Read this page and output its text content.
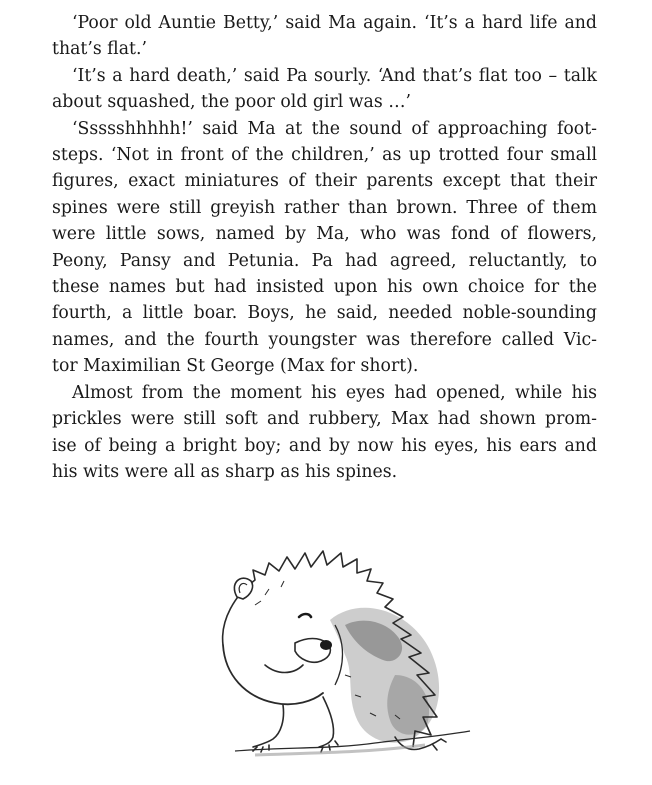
‘Poor old Auntie Betty,’ said Ma again. ‘It’s a hard life and
that’s flat.’
‘It’s a hard death,’ said Pa sourly. ‘And that’s flat too – talk
about squashed, the poor old girl was …’
‘Ssssshhhhh!’ said Ma at the sound of approaching foot-
steps. ‘Not in front of the children,’ as up trotted four small
figures, exact miniatures of their parents except that their
spines were still greyish rather than brown. Three of them
were little sows, named by Ma, who was fond of flowers,
Peony, Pansy and Petunia. Pa had agreed, reluctantly, to
these names but had insisted upon his own choice for the
fourth, a little boar. Boys, he said, needed noble-sounding
names, and the fourth youngster was therefore called Vic-
tor Maximilian St George (Max for short).
Almost from the moment his eyes had opened, while his
prickles were still soft and rubbery, Max had shown prom-
ise of being a bright boy; and by now his eyes, his ears and
his wits were all as sharp as his spines.
